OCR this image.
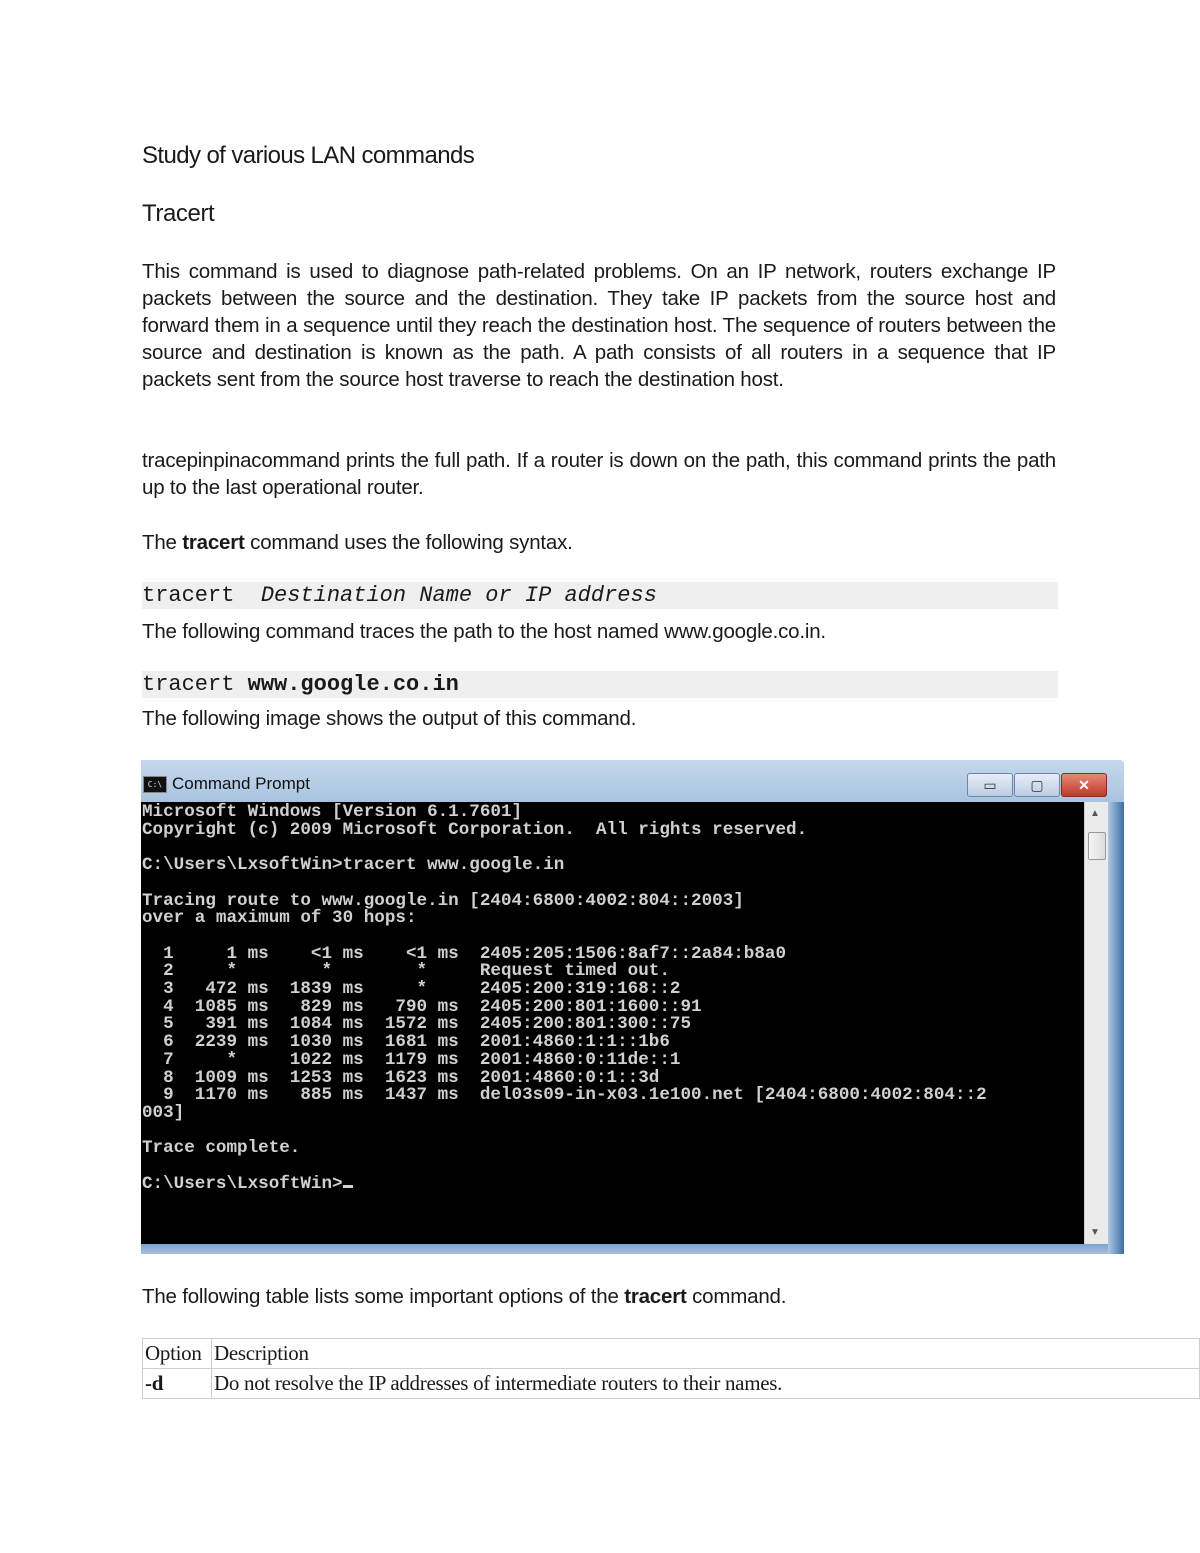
Study of various LAN commands
Tracert
This command is used to diagnose path-related problems. On an IP network, routers exchange IP packets between the source and the destination. They take IP packets from the source host and forward them in a sequence until they reach the destination host. The sequence of routers between the source and destination is known as the path. A path consists of all routers in a sequence that IP packets sent from the source host traverse to reach the destination host.
tracepinpinacommand prints the full path. If a router is down on the path, this command prints the path up to the last operational router.
The tracert command uses the following syntax.
tracert  Destination Name or IP address
The following command traces the path to the host named www.google.co.in.
tracert www.google.co.in
The following image shows the output of this command.
C:\ Command Prompt	▭	▢	✕
Microsoft Windows [Version 6.1.7601]
Copyright (c) 2009 Microsoft Corporation.  All rights reserved.

C:\Users\LxsoftWin>tracert www.google.in

Tracing route to www.google.in [2404:6800:4002:804::2003]
over a maximum of 30 hops:

1     1 ms    <1 ms    <1 ms  2405:205:1506:8af7::2a84:b8a0
2     *        *        *     Request timed out.
3   472 ms  1839 ms     *     2405:200:319:168::2
4  1085 ms   829 ms   790 ms  2405:200:801:1600::91
5   391 ms  1084 ms  1572 ms  2405:200:801:300::75
6  2239 ms  1030 ms  1681 ms  2001:4860:1:1::1b6
7     *     1022 ms  1179 ms  2001:4860:0:11de::1
8  1009 ms  1253 ms  1623 ms  2001:4860:0:1::3d
9  1170 ms   885 ms  1437 ms  del03s09-in-x03.1e100.net [2404:6800:4002:804::2
003]

Trace complete.

C:\Users\LxsoftWin>
▲
▼
The following table lists some important options of the tracert command.
Option	Description
-d	Do not resolve the IP addresses of intermediate routers to their names.
